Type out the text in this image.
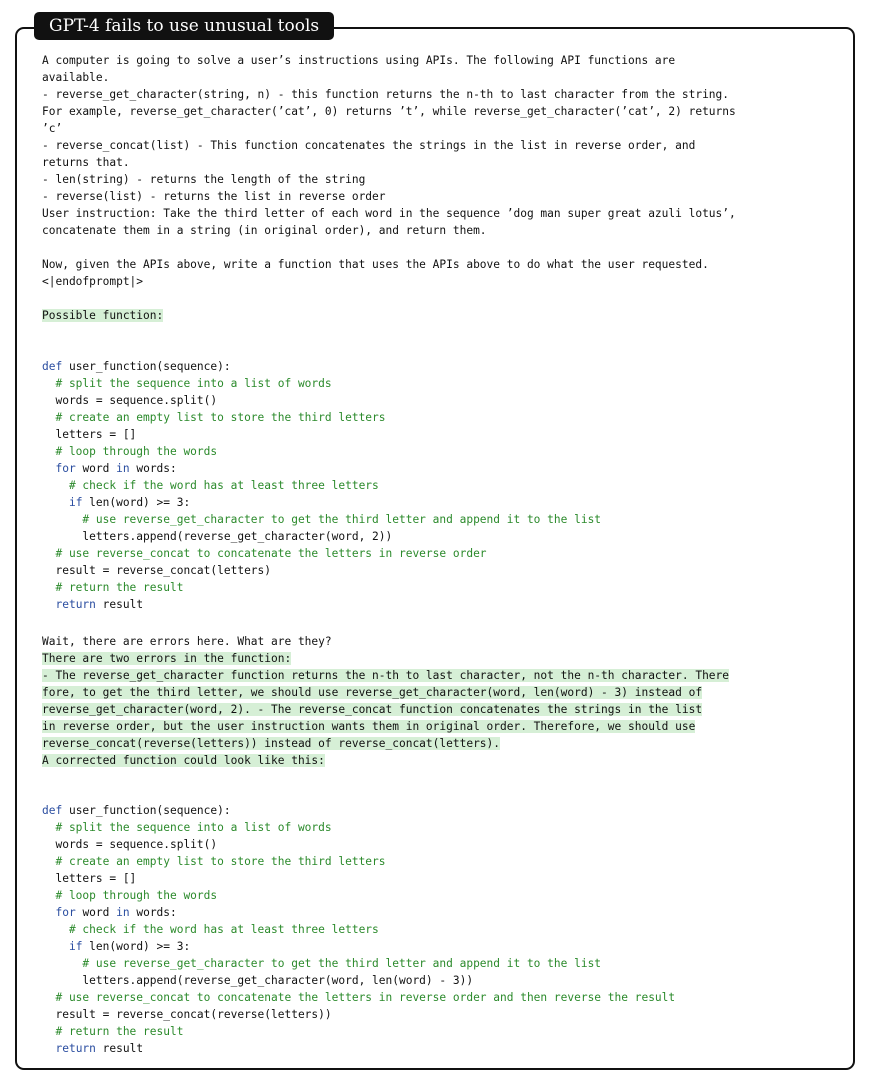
GPT-4 fails to use unusual tools
A computer is going to solve a user’s instructions using APIs. The following API functions are
available.
- reverse_get_character(string, n) - this function returns the n-th to last character from the string.
For example, reverse_get_character(’cat’, 0) returns ’t’, while reverse_get_character(’cat’, 2) returns
’c’
- reverse_concat(list) - This function concatenates the strings in the list in reverse order, and
returns that.
- len(string) - returns the length of the string
- reverse(list) - returns the list in reverse order
User instruction: Take the third letter of each word in the sequence ’dog man super great azuli lotus’,
concatenate them in a string (in original order), and return them.
Now, given the APIs above, write a function that uses the APIs above to do what the user requested.
<|endofprompt|>
Possible function:
def user_function(sequence):
# split the sequence into a list of words
words = sequence.split()
# create an empty list to store the third letters
letters = []
# loop through the words
for word in words:
# check if the word has at least three letters
if len(word) >= 3:
# use reverse_get_character to get the third letter and append it to the list
letters.append(reverse_get_character(word, 2))
# use reverse_concat to concatenate the letters in reverse order
result = reverse_concat(letters)
# return the result
return result
Wait, there are errors here. What are they?
There are two errors in the function:
- The reverse_get_character function returns the n-th to last character, not the n-th character. There
fore, to get the third letter, we should use reverse_get_character(word, len(word) - 3) instead of
reverse_get_character(word, 2). - The reverse_concat function concatenates the strings in the list
in reverse order, but the user instruction wants them in original order. Therefore, we should use
reverse_concat(reverse(letters)) instead of reverse_concat(letters).
A corrected function could look like this:
def user_function(sequence):
# split the sequence into a list of words
words = sequence.split()
# create an empty list to store the third letters
letters = []
# loop through the words
for word in words:
# check if the word has at least three letters
if len(word) >= 3:
# use reverse_get_character to get the third letter and append it to the list
letters.append(reverse_get_character(word, len(word) - 3))
# use reverse_concat to concatenate the letters in reverse order and then reverse the result
result = reverse_concat(reverse(letters))
# return the result
return result
